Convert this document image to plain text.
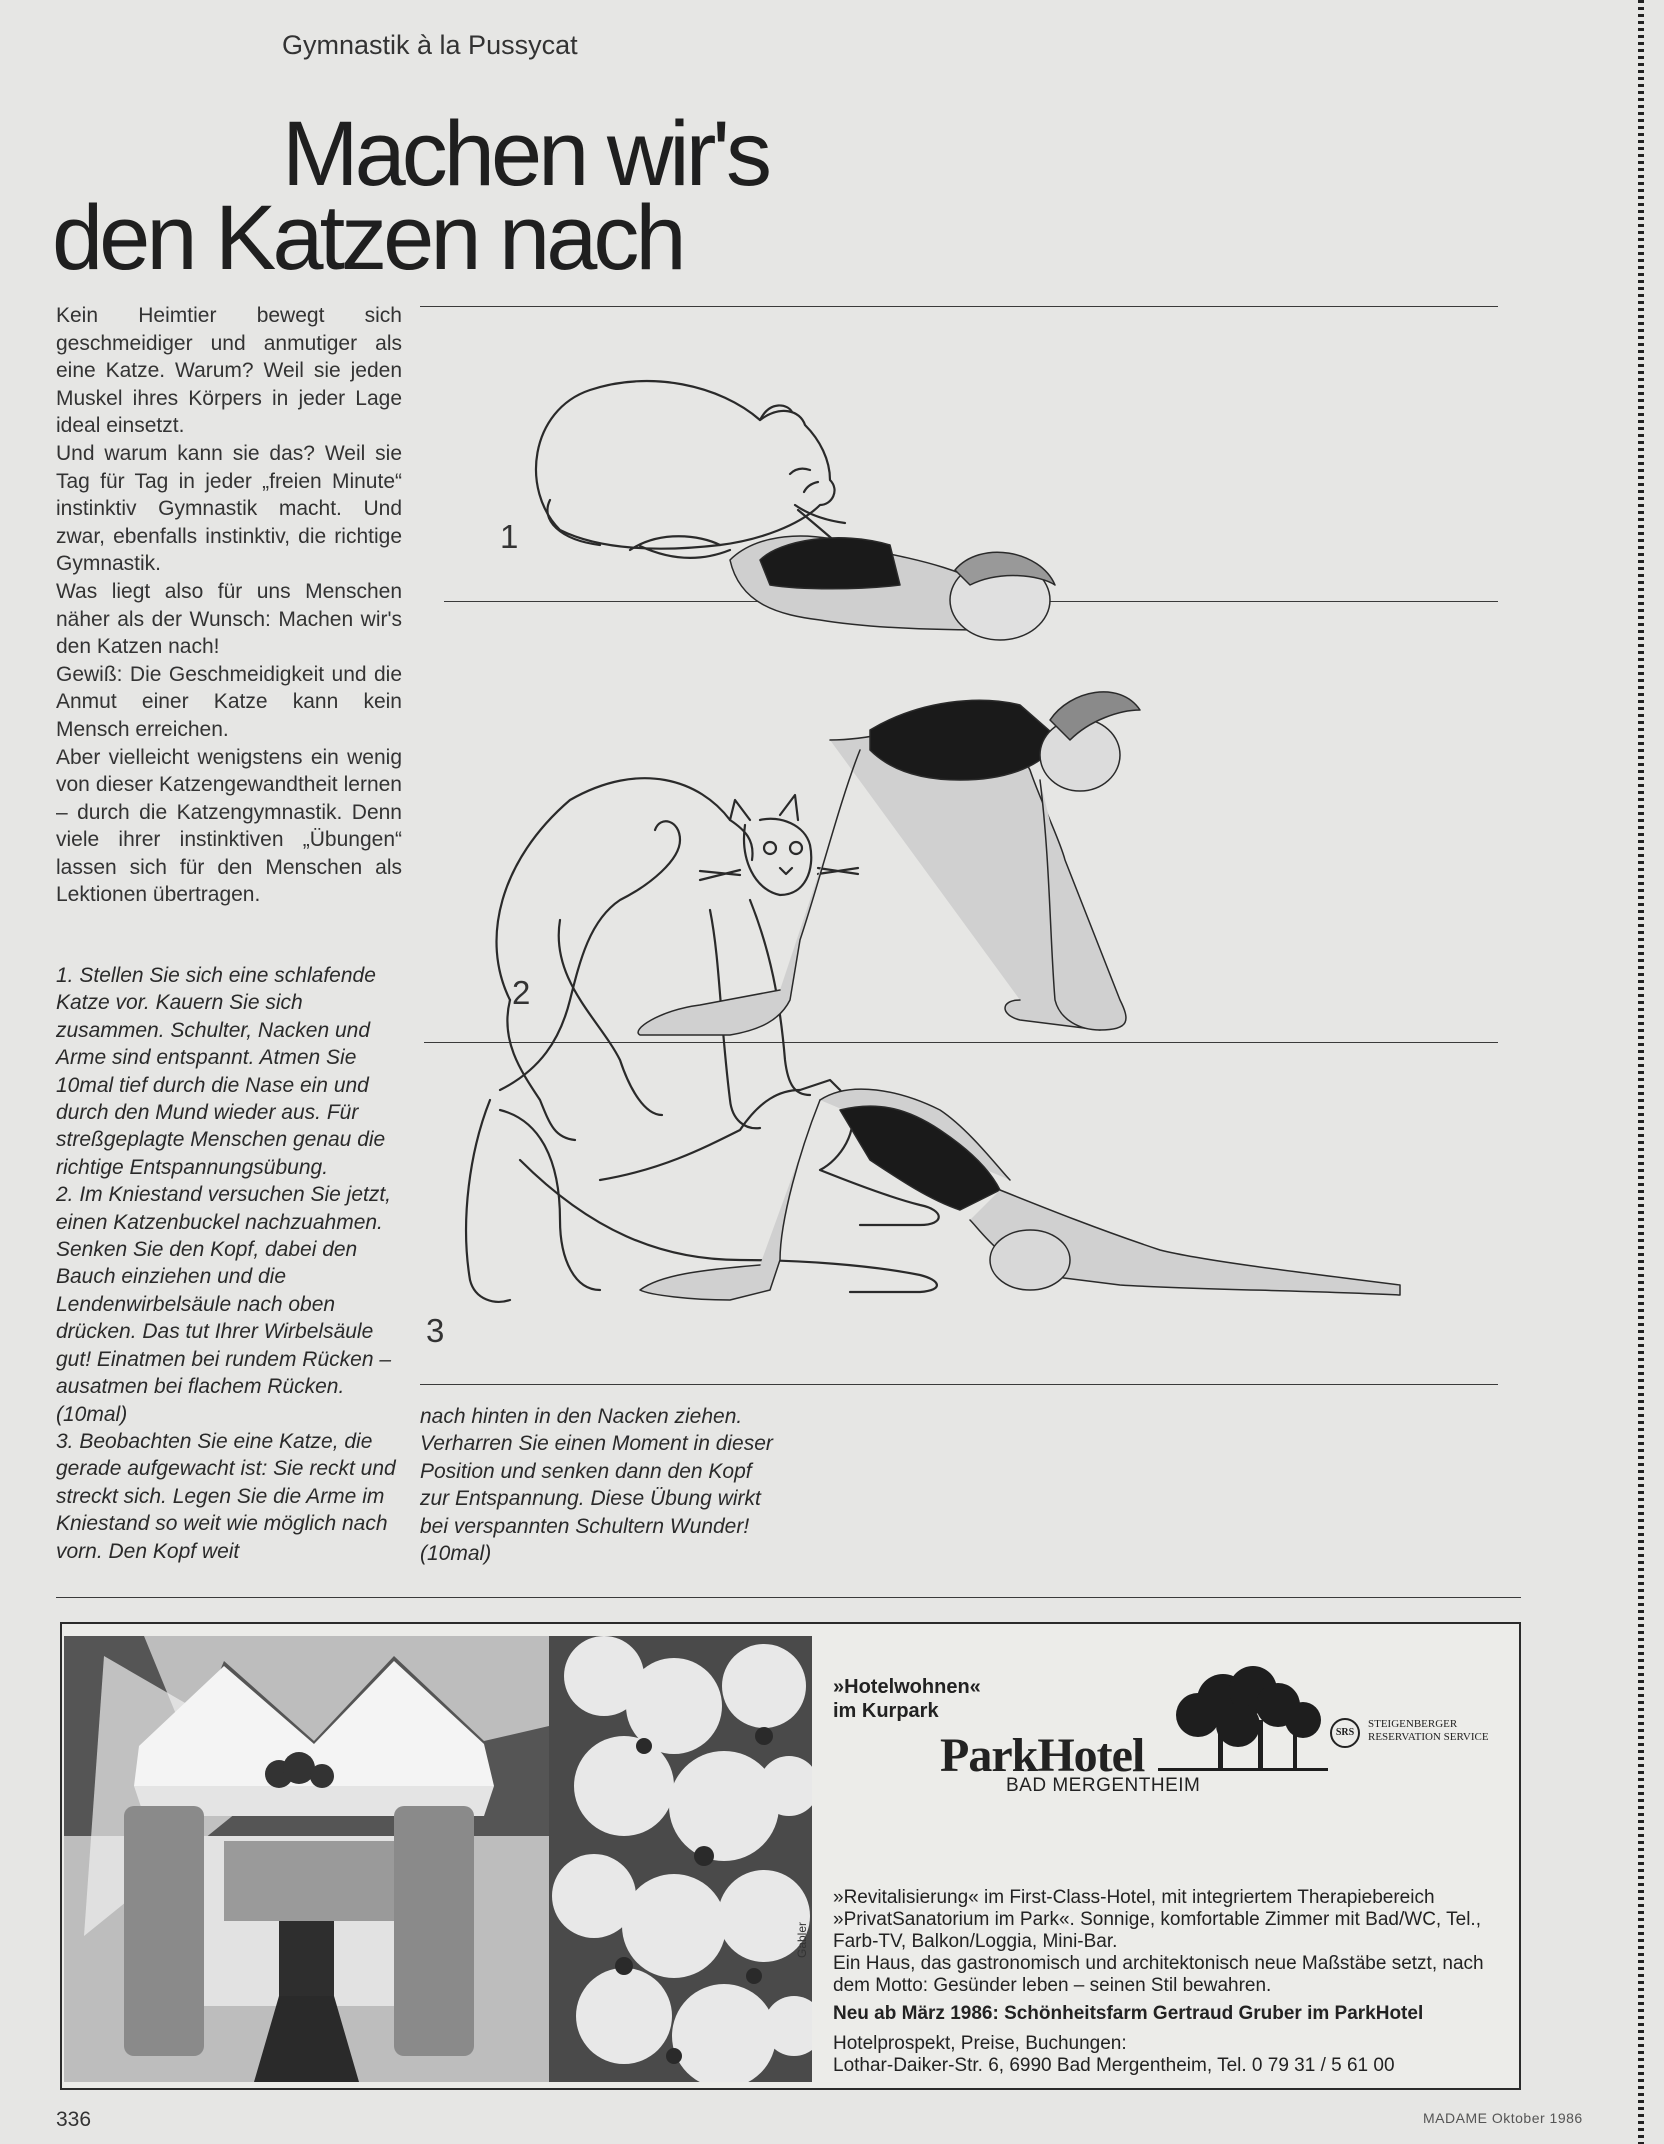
Gymnastik à la Pussycat
Machen wir's
den Katzen nach

Kein Heimtier bewegt sich geschmeidiger und anmutiger als eine Katze. Warum? Weil sie jeden Muskel ihres Körpers in jeder Lage ideal einsetzt.

Und warum kann sie das? Weil sie Tag für Tag in jeder „freien Minute“ instinktiv Gymnastik macht. Und zwar, ebenfalls instinktiv, die richtige Gymnastik.

Was liegt also für uns Menschen näher als der Wunsch: Machen wir's den Katzen nach!

Gewiß: Die Geschmeidigkeit und die Anmut einer Katze kann kein Mensch erreichen.

Aber vielleicht wenigstens ein wenig von dieser Katzengewandtheit lernen – durch die Katzengymnastik. Denn viele ihrer instinktiven „Übungen“ lassen sich für den Menschen als Lektionen übertragen.

1. Stellen Sie sich eine schlafende Katze vor. Kauern Sie sich zusammen. Schulter, Nacken und Arme sind entspannt. Atmen Sie 10mal tief durch die Nase ein und durch den Mund wieder aus. Für streßgeplagte Menschen genau die richtige Entspannungsübung.

2. Im Kniestand versuchen Sie jetzt, einen Katzenbuckel nachzuahmen. Senken Sie den Kopf, dabei den Bauch einziehen und die Lendenwirbelsäule nach oben drücken. Das tut Ihrer Wirbelsäule gut! Einatmen bei rundem Rücken – ausatmen bei flachem Rücken. (10mal)

3. Beobachten Sie eine Katze, die gerade aufgewacht ist: Sie reckt und streckt sich. Legen Sie die Arme im Kniestand so weit wie möglich nach vorn. Den Kopf weit

nach hinten in den Nacken ziehen. Verharren Sie einen Moment in dieser Position und senken dann den Kopf zur Entspannung. Diese Übung wirkt bei verspannten Schultern Wunder! (10mal)
1
2
3
Gabler
»Hotelwohnen«
im Kurpark
ParkHotel
BAD MERGENTHEIM
SRS
STEIGENBERGER
RESERVATION SERVICE

»Revitalisierung« im First-Class-Hotel, mit integriertem Therapiebereich »PrivatSanatorium im Park«. Sonnige, komfortable Zimmer mit Bad/WC, Tel., Farb-TV, Balkon/Loggia, Mini-Bar.

Ein Haus, das gastronomisch und architektonisch neue Maßstäbe setzt, nach dem Motto: Gesünder leben – seinen Stil bewahren.

Neu ab März 1986: Schönheitsfarm Gertraud Gruber im ParkHotel

Hotelprospekt, Preise, Buchungen:

Lothar-Daiker-Str. 6, 6990 Bad Mergentheim, Tel. 0 79 31 / 5 61 00

336	MADAME Oktober 1986
